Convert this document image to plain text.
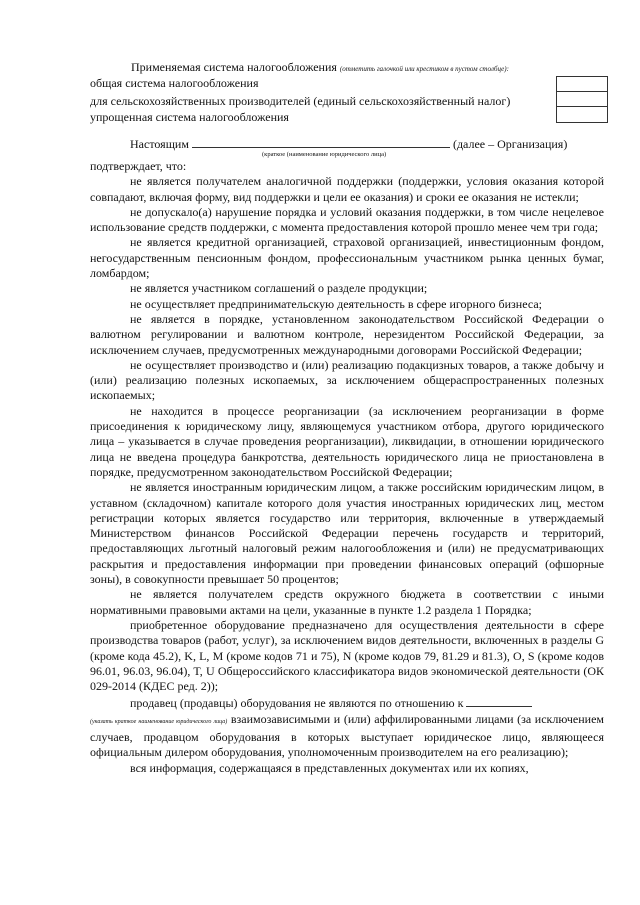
Применяемая система налогообложения (отметить галочкой или крестиком в пустом столбце):
общая система налогообложения
для сельскохозяйственных производителей (единый сельскохозяйственный налог)
упрощенная система налогообложения
Настоящим	(далее – Организация)
(краткое (наименование юридического лица)

подтверждает, что:

не является получателем аналогичной поддержки (поддержки, условия оказания которой совпадают, включая форму, вид поддержки и цели ее оказания) и сроки ее оказания не истекли;

не допускало(а) нарушение порядка и условий оказания поддержки, в том числе нецелевое использование средств поддержки, с момента предоставления которой прошло менее чем три года;

не является кредитной организацией, страховой организацией, инвестиционным фондом, негосударственным пенсионным фондом, профессиональным участником рынка ценных бумаг, ломбардом;

не является участником соглашений о разделе продукции;

не осуществляет предпринимательскую деятельность в сфере игорного бизнеса;

не является в порядке, установленном законодательством Российской Федерации о валютном регулировании и валютном контроле, нерезидентом Российской Федерации, за исключением случаев, предусмотренных международными договорами Российской Федерации;

не осуществляет производство и (или) реализацию подакцизных товаров, а также добычу и (или) реализацию полезных ископаемых, за исключением общераспространенных полезных ископаемых;

не находится в процессе реорганизации (за исключением реорганизации в форме присоединения к юридическому лицу, являющемуся участником отбора, другого юридического лица – указывается в случае проведения реорганизации), ликвидации, в отношении юридического лица не введена процедура банкротства, деятельность юридического лица не приостановлена в порядке, предусмотренном законодательством Российской Федерации;

не является иностранным юридическим лицом, а также российским юридическим лицом, в уставном (складочном) капитале которого доля участия иностранных юридических лиц, местом регистрации которых является государство или территория, включенные в утверждаемый Министерством финансов Российской Федерации перечень государств и территорий, предоставляющих льготный налоговый режим налогообложения и (или) не предусматривающих раскрытия и предоставления информации при проведении финансовых операций (офшорные зоны), в совокупности превышает 50 процентов;

не является получателем средств окружного бюджета в соответствии с иными нормативными правовыми актами на цели, указанные в пункте 1.2 раздела 1 Порядка;

приобретенное оборудование предназначено для осуществления деятельности в сфере производства товаров (работ, услуг), за исключением видов деятельности, включенных в разделы G (кроме кода 45.2), K, L, M (кроме кодов 71 и 75), N (кроме кодов 79, 81.29 и 81.3), O, S (кроме кодов 96.01, 96.03, 96.04), T, U Общероссийского классификатора видов экономической деятельности (ОК 029-2014 (КДЕС ред. 2));

продавец (продавцы) оборудования не являются по отношению к

(указать краткое наименование юридического лица) взаимозависимыми и (или) аффилированными лицами (за исключением случаев, продавцом оборудования в которых выступает юридическое лицо, являющееся официальным дилером оборудования, уполномоченным производителем на его реализацию);

вся информация, содержащаяся в представленных документах или их копиях,
